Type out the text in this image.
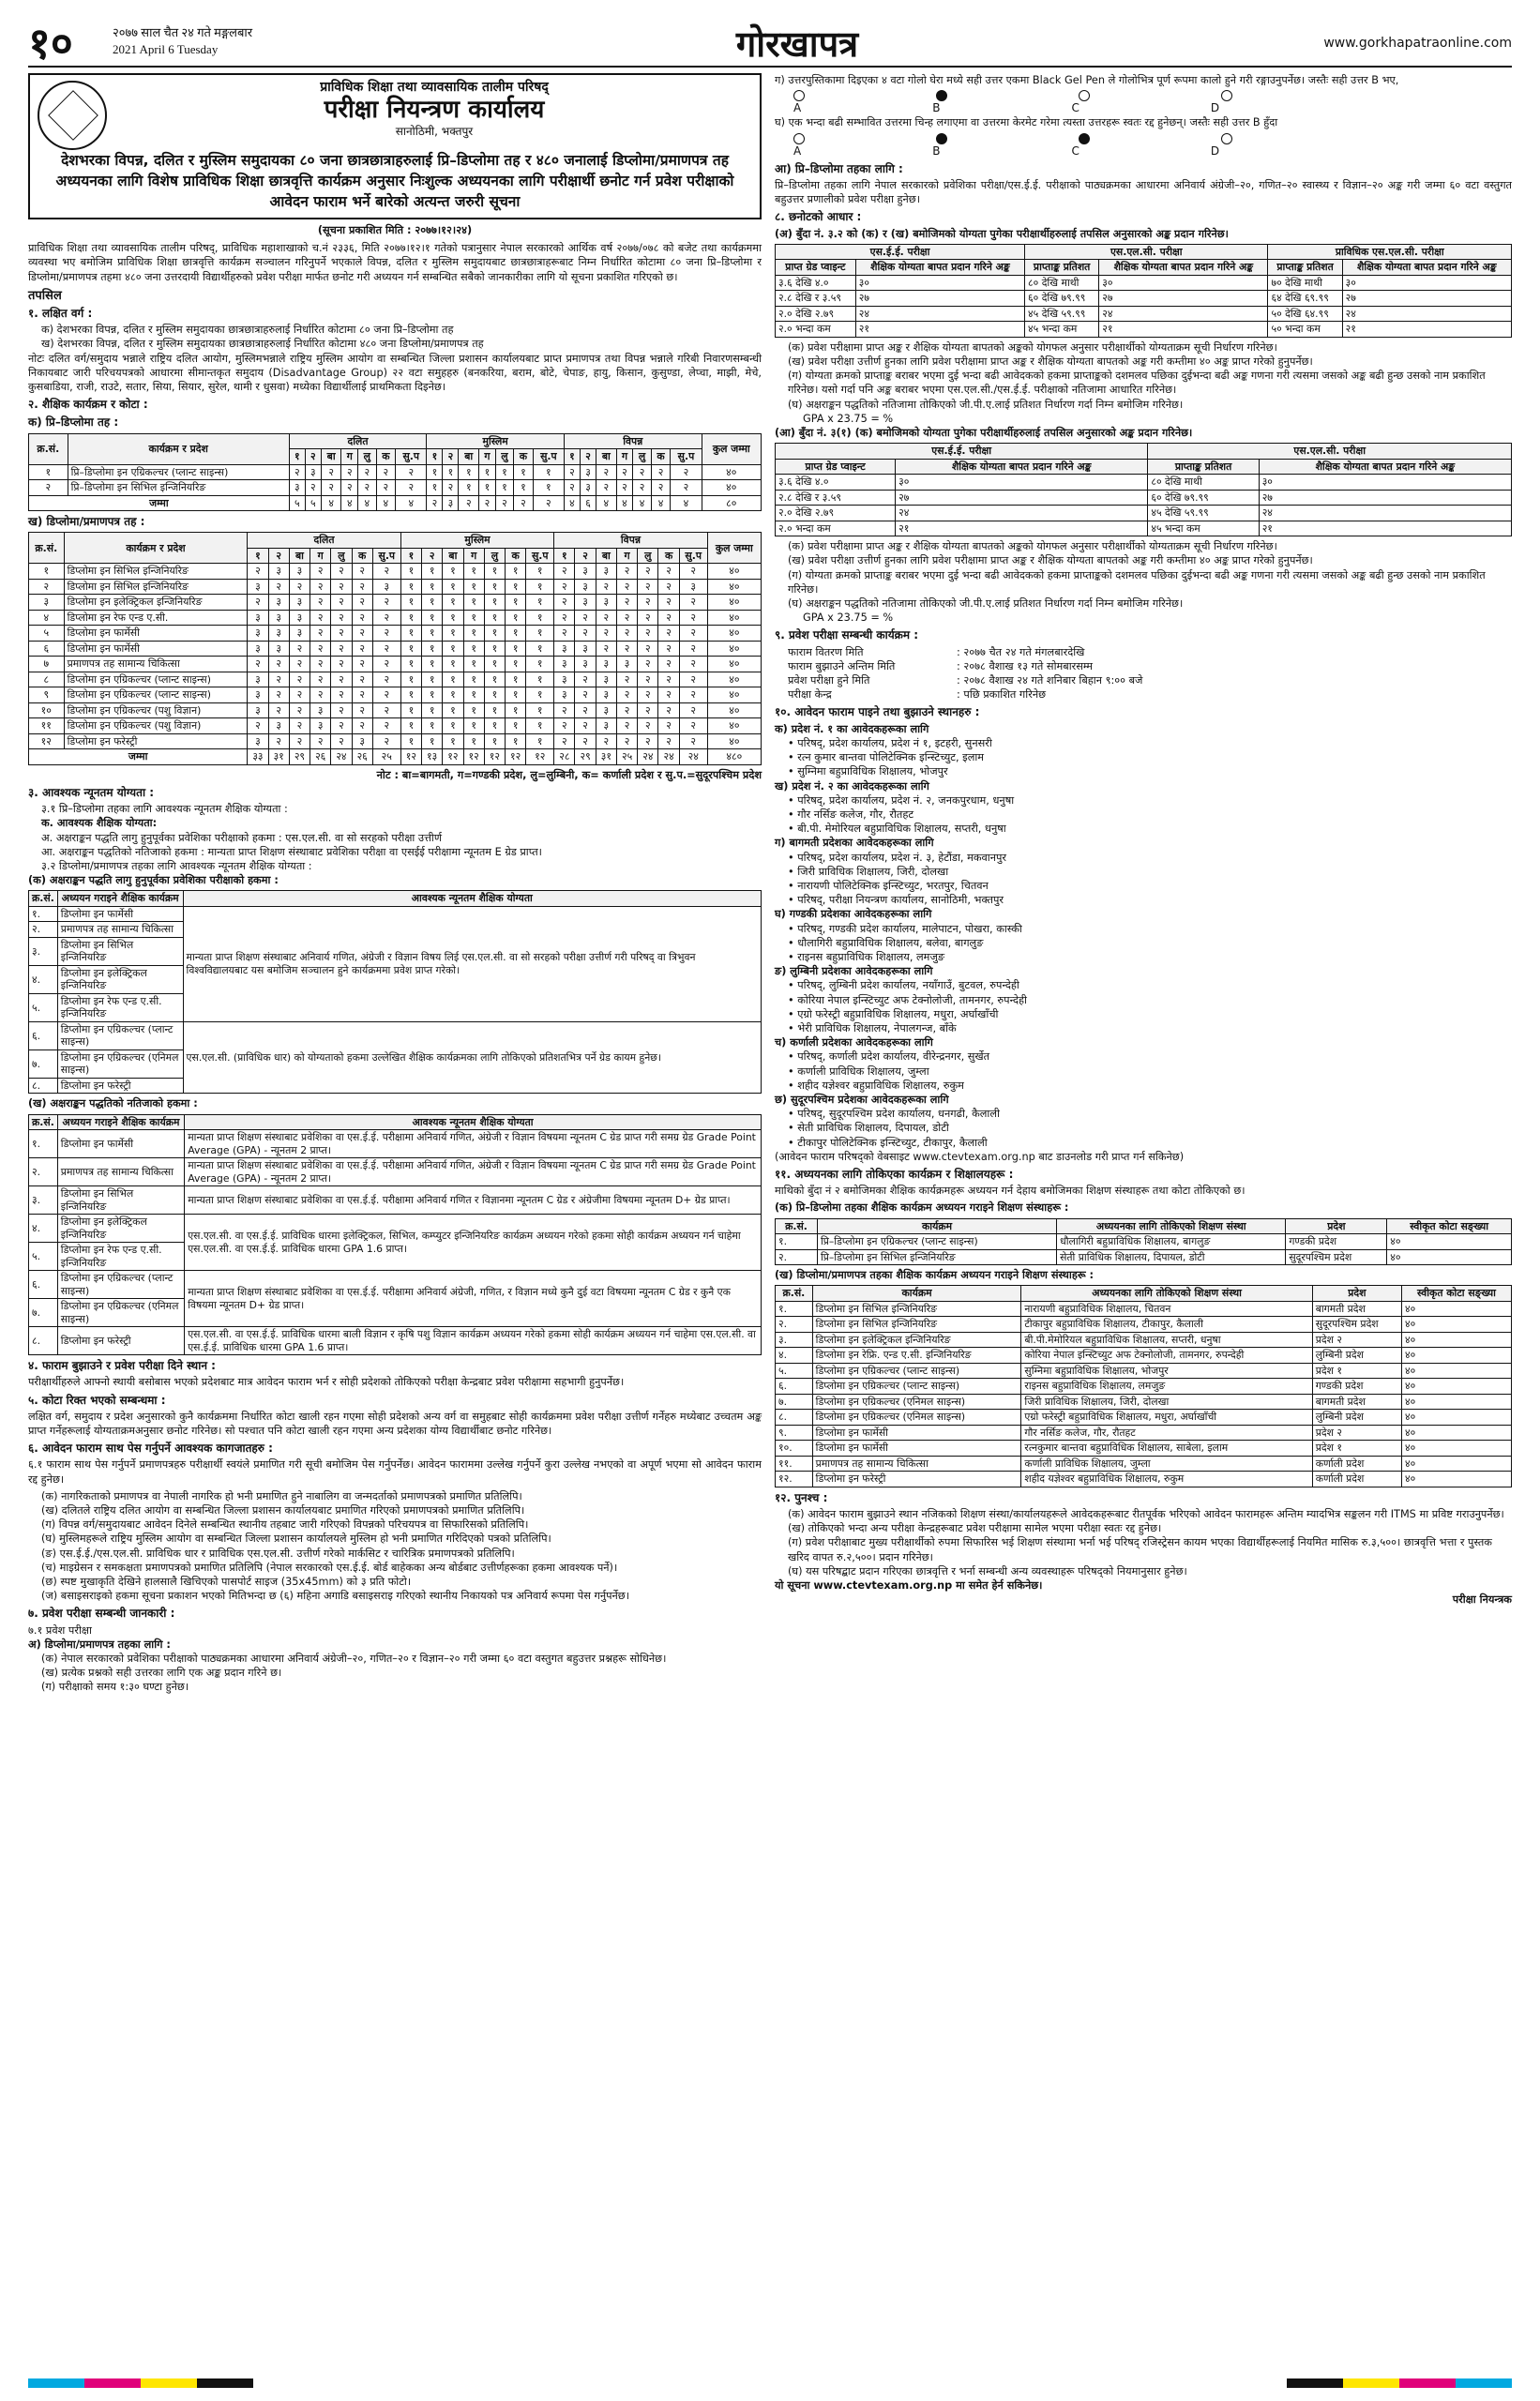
१०	२०७७ साल चैत २४ गते मङ्गलबार
2021 April 6 Tuesday	गोरखापत्र	www.gorkhapatraonline.com
प्राविधिक शिक्षा तथा व्यावसायिक तालीम परिषद्
परीक्षा नियन्त्रण कार्यालय
सानोठिमी, भक्तपुर
देशभरका विपन्न, दलित र मुस्लिम समुदायका ८० जना छात्रछात्राहरुलाई प्रि–डिप्लोमा तह र ४८० जनालाई डिप्लोमा/प्रमाणपत्र तह अध्ययनका लागि विशेष प्राविधिक शिक्षा छात्रवृत्ति कार्यक्रम अनुसार निःशुल्क अध्ययनका लागि परीक्षार्थी छनोट गर्न प्रवेश परीक्षाको आवेदन फाराम भर्ने बारेको अत्यन्त जरुरी सूचना
(सूचना प्रकाशित मिति : २०७७।१२।२४)

प्राविधिक शिक्षा तथा व्यावसायिक तालीम परिषद्, प्राविधिक महाशाखाको च.नं २३३६, मिति २०७७।१२।१ गतेको पत्रानुसार नेपाल सरकारको आर्थिक वर्ष २०७७/०७८ को बजेट तथा कार्यक्रममा व्यवस्था भए बमोजिम प्राविधिक शिक्षा छात्रवृत्ति कार्यक्रम सञ्चालन गरिनुपर्ने भएकाले विपन्न, दलित र मुस्लिम समुदायबाट छात्रछात्राहरूबाट निम्न निर्धारित कोटामा ८० जना प्रि–डिप्लोमा र डिप्लोमा/प्रमाणपत्र तहमा ४८० जना उत्तरदायी विद्यार्थीहरुको प्रवेश परीक्षा मार्फत छनोट गरी अध्ययन गर्न सम्बन्धित सबैको जानकारीका लागि यो सूचना प्रकाशित गरिएको छ।

तपसिल
१. लक्षित वर्ग :
क) देशभरका विपन्न, दलित र मुस्लिम समुदायका छात्रछात्राहरुलाई निर्धारित कोटामा ८० जना प्रि–डिप्लोमा तह
ख) देशभरका विपन्न, दलित र मुस्लिम समुदायका छात्रछात्राहरुलाई निर्धारित कोटामा ४८० जना डिप्लोमा/प्रमाणपत्र तह

नोटः दलित वर्ग/समुदाय भन्नाले राष्ट्रिय दलित आयोग, मुस्लिमभन्नाले राष्ट्रिय मुस्लिम आयोग वा सम्बन्धित जिल्ला प्रशासन कार्यालयबाट प्राप्त प्रमाणपत्र तथा विपन्न भन्नाले गरिबी निवारणसम्बन्धी निकायबाट जारी परिचयपत्रको आधारमा सीमान्तकृत समुदाय (Disadvantage Group) २२ वटा समुहहरु (बनकरिया, बराम, बोटे, चेपाङ, हायु, किसान, कुसुण्डा, लेप्चा, माझी, मेचे, कुसबाडिया, राजी, राउटे, सतार, सिया, सियार, सुरेल, थामी र धुसवा) मध्येका विद्यार्थीलाई प्राथमिकता दिइनेछ।

२. शैक्षिक कार्यक्रम र कोटा :
क) प्रि–डिप्लोमा तह :
क्र.सं.	कार्यक्रम र प्रदेश	दलित							मुस्लिम							विपन्न							कुल जम्मा
		१	२	बा	ग	लु	क	सु.प	१	२	बा	ग	लु	क	सु.प	१	२	बा	ग	लु	क	सु.प	
१	प्रि–डिप्लोमा इन एग्रिकल्चर (प्लान्ट साइन्स)	२	३	२	२	२	२	२	१	१	१	१	१	१	१	२	३	२	२	२	२	२	४०
२	प्रि–डिप्लोमा इन सिभिल इन्जिनियरिङ	३	२	२	२	२	२	२	१	२	१	१	१	१	१	२	३	२	२	२	२	२	४०
जम्मा		५	५	४	४	४	४	४	२	३	२	२	२	२	२	४	६	४	४	४	४	४	८०
ख) डिप्लोमा/प्रमाणपत्र तह :
क्र.सं.	कार्यक्रम र प्रदेश	दलित							मुस्लिम							विपन्न							कुल जम्मा
		१	२	बा	ग	लु	क	सु.प	१	२	बा	ग	लु	क	सु.प	१	२	बा	ग	लु	क	सु.प	
१	डिप्लोमा इन सिभिल इन्जिनियरिङ	२	३	३	२	२	२	२	१	१	१	१	१	१	१	२	३	३	२	२	२	२	४०
२	डिप्लोमा इन सिभिल इन्जिनियरिङ	३	२	२	२	२	२	३	१	१	१	१	१	१	१	२	३	२	२	२	२	३	४०
३	डिप्लोमा इन इलेक्ट्रिकल इन्जिनियरिङ	२	३	३	२	२	२	२	१	१	१	१	१	१	१	२	३	३	२	२	२	२	४०
४	डिप्लोमा इन रेफ एन्ड ए.सी.	३	३	३	२	२	२	२	१	१	१	१	१	१	१	२	२	२	२	२	२	२	४०
५	डिप्लोमा इन फार्मेसी	३	३	३	२	२	२	२	१	१	१	१	१	१	१	२	२	२	२	२	२	२	४०
६	डिप्लोमा इन फार्मेसी	३	३	२	२	२	२	२	१	१	१	१	१	१	१	३	३	२	२	२	२	२	४०
७	प्रमाणपत्र तह सामान्य चिकित्सा	२	२	२	२	२	२	२	१	१	१	१	१	१	१	३	३	३	३	२	२	२	४०
८	डिप्लोमा इन एग्रिकल्चर (प्लान्ट साइन्स)	३	२	२	२	२	२	२	१	१	१	१	१	१	१	३	२	३	२	२	२	२	४०
९	डिप्लोमा इन एग्रिकल्चर (प्लान्ट साइन्स)	३	२	२	२	२	२	२	१	१	१	१	१	१	१	३	२	३	२	२	२	२	४०
१०	डिप्लोमा इन एग्रिकल्चर (पशु विज्ञान)	३	२	२	३	२	२	२	१	१	१	१	१	१	१	२	२	३	२	२	२	२	४०
११	डिप्लोमा इन एग्रिकल्चर (पशु विज्ञान)	२	३	२	३	२	२	२	१	१	१	१	१	१	१	२	२	३	२	२	२	२	४०
१२	डिप्लोमा इन फरेस्ट्री	३	२	२	२	२	३	२	१	१	१	१	१	१	१	२	२	२	२	२	२	२	४०
जम्मा		३३	३१	२९	२६	२४	२६	२५	१२	१३	१२	१२	१२	१२	१२	२८	२९	३१	२५	२४	२४	२४	४८०
नोट : बा=बागमती, ग=गण्डकी प्रदेश, लु=लुम्बिनी, क= कर्णाली प्रदेश र सु.प.=सुदूरपश्चिम प्रदेश
३. आवश्यक न्यूनतम योग्यता :
३.१ प्रि–डिप्लोमा तहका लागि आवश्यक न्यूनतम शैक्षिक योग्यता :
क. आवश्यक शैक्षिक योग्यता:
अ. अक्षराङ्कन पद्धति लागु हुनुपूर्वका प्रवेशिका परीक्षाको हकमा : एस.एल.सी. वा सो सरहको परीक्षा उत्तीर्ण
आ. अक्षराङ्कन पद्धतिको नतिजाको हकमा : मान्यता प्राप्त शिक्षण संस्थाबाट प्रवेशिका परीक्षा वा एसईई परीक्षामा न्यूनतम E ग्रेड प्राप्त।
३.२ डिप्लोमा/प्रमाणपत्र तहका लागि आवश्यक न्यूनतम शैक्षिक योग्यता :
(क) अक्षराङ्कन पद्धति लागु हुनुपूर्वका प्रवेशिका परीक्षाको हकमा :
क्र.सं.	अध्ययन गराइने शैक्षिक कार्यक्रम	आवश्यक न्यूनतम शैक्षिक योग्यता
१.	डिप्लोमा इन फार्मेसी	मान्यता प्राप्त शिक्षण संस्थाबाट अनिवार्य गणित, अंग्रेजी र विज्ञान विषय लिई एस.एल.सी. वा सो सरहको परीक्षा उत्तीर्ण गरी परिषद् वा त्रिभुवन विश्वविद्यालयबाट यस बमोजिम सञ्चालन हुने कार्यक्रममा प्रवेश प्राप्त गरेको।
२.	प्रमाणपत्र तह सामान्य चिकित्सा	
३.	डिप्लोमा इन सिभिल इन्जिनियरिङ	
४.	डिप्लोमा इन इलेक्ट्रिकल इन्जिनियरिङ	
५.	डिप्लोमा इन रेफ एन्ड ए.सी. इन्जिनियरिङ	
६.	डिप्लोमा इन एग्रिकल्चर (प्लान्ट साइन्स)	एस.एल.सी. (प्राविधिक धार) को योग्यताको हकमा उल्लेखित शैक्षिक कार्यक्रमका लागि तोकिएको प्रतिशतभित्र पर्ने ग्रेड कायम हुनेछ।
७.	डिप्लोमा इन एग्रिकल्चर (एनिमल साइन्स)	
८.	डिप्लोमा इन फरेस्ट्री	
(ख) अक्षराङ्कन पद्धतिको नतिजाको हकमा :
क्र.सं.	अध्ययन गराइने शैक्षिक कार्यक्रम	आवश्यक न्यूनतम शैक्षिक योग्यता
१.	डिप्लोमा इन फार्मेसी	मान्यता प्राप्त शिक्षण संस्थाबाट प्रवेशिका वा एस.ई.ई. परीक्षामा अनिवार्य गणित, अंग्रेजी र विज्ञान विषयमा न्यूनतम C ग्रेड प्राप्त गरी समग्र ग्रेड Grade Point Average (GPA) - न्यूनतम 2 प्राप्त।
२.	प्रमाणपत्र तह सामान्य चिकित्सा	मान्यता प्राप्त शिक्षण संस्थाबाट प्रवेशिका वा एस.ई.ई. परीक्षामा अनिवार्य गणित, अंग्रेजी र विज्ञान विषयमा न्यूनतम C ग्रेड प्राप्त गरी समग्र ग्रेड Grade Point Average (GPA) - न्यूनतम 2 प्राप्त।
३.	डिप्लोमा इन सिभिल इन्जिनियरिङ	मान्यता प्राप्त शिक्षण संस्थाबाट प्रवेशिका वा एस.ई.ई. परीक्षामा अनिवार्य गणित र विज्ञानमा न्यूनतम C ग्रेड र अंग्रेजीमा विषयमा न्यूनतम D+ ग्रेड प्राप्त।
४.	डिप्लोमा इन इलेक्ट्रिकल इन्जिनियरिङ	एस.एल.सी. वा एस.ई.ई. प्राविधिक धारमा इलेक्ट्रिकल, सिभिल, कम्प्युटर इन्जिनियरिङ कार्यक्रम अध्ययन गरेको हकमा सोही कार्यक्रम अध्ययन गर्न चाहेमा एस.एल.सी. वा एस.ई.ई. प्राविधिक धारमा GPA 1.6 प्राप्त।
५.	डिप्लोमा इन रेफ एन्ड ए.सी. इन्जिनियरिङ	
६.	डिप्लोमा इन एग्रिकल्चर (प्लान्ट साइन्स)	मान्यता प्राप्त शिक्षण संस्थाबाट प्रवेशिका वा एस.ई.ई. परीक्षामा अनिवार्य अंग्रेजी, गणित, र विज्ञान मध्ये कुनै दुई वटा विषयमा न्यूनतम C ग्रेड र कुनै एक विषयमा न्यूनतम D+ ग्रेड प्राप्त।
७.	डिप्लोमा इन एग्रिकल्चर (एनिमल साइन्स)	
८.	डिप्लोमा इन फरेस्ट्री	एस.एल.सी. वा एस.ई.ई. प्राविधिक धारमा बाली विज्ञान र कृषि पशु विज्ञान कार्यक्रम अध्ययन गरेको हकमा सोही कार्यक्रम अध्ययन गर्न चाहेमा एस.एल.सी. वा एस.ई.ई. प्राविधिक धारमा GPA 1.6 प्राप्त।
४. फाराम बुझाउने र प्रवेश परीक्षा दिने स्थान :

परीक्षार्थीहरुले आफ्नो स्थायी बसोबास भएको प्रदेशबाट मात्र आवेदन फाराम भर्न र सोही प्रदेशको तोकिएको परीक्षा केन्द्रबाट प्रवेश परीक्षामा सहभागी हुनुपर्नेछ।

५. कोटा रिक्त भएको सम्बन्धमा :

लक्षित वर्ग, समुदाय र प्रदेश अनुसारको कुनै कार्यक्रममा निर्धारित कोटा खाली रहन गएमा सोही प्रदेशको अन्य वर्ग वा समुहबाट सोही कार्यक्रममा प्रवेश परीक्षा उत्तीर्ण गर्नेहरु मध्येबाट उच्चतम अङ्क प्राप्त गर्नेहरूलाई योग्यताक्रमअनुसार छनोट गरिनेछ। सो पश्चात पनि कोटा खाली रहन गएमा अन्य प्रदेशका योग्य विद्यार्थीबाट छनोट गरिनेछ।

६. आवेदन फाराम साथ पेस गर्नुपर्ने आवश्यक कागजातहरु :

६.१ फाराम साथ पेस गर्नुपर्ने प्रमाणपत्रहरु परीक्षार्थी स्वयंले प्रमाणित गरी सूची बमोजिम पेस गर्नुपर्नेछ। आवेदन फाराममा उल्लेख गर्नुपर्ने कुरा उल्लेख नभएको वा अपूर्ण भएमा सो आवेदन फाराम रद्द हुनेछ।

(क) नागरिकताको प्रमाणपत्र वा नेपाली नागरिक हो भनी प्रमाणित हुने नाबालिग वा जन्मदर्ताको प्रमाणपत्रको प्रमाणित प्रतिलिपि।
(ख) दलितले राष्ट्रिय दलित आयोग वा सम्बन्धित जिल्ला प्रशासन कार्यालयबाट प्रमाणित गरिएको प्रमाणपत्रको प्रमाणित प्रतिलिपि।
(ग) विपन्न वर्ग/समुदायबाट आवेदन दिनेले सम्बन्धित स्थानीय तहबाट जारी गरिएको विपन्नको परिचयपत्र वा सिफारिसको प्रतिलिपि।
(घ) मुस्लिमहरूले राष्ट्रिय मुस्लिम आयोग वा सम्बन्धित जिल्ला प्रशासन कार्यालयले मुस्लिम हो भनी प्रमाणित गरिदिएको पत्रको प्रतिलिपि।
(ङ) एस.ई.ई./एस.एल.सी. प्राविधिक धार र प्राविधिक एस.एल.सी. उत्तीर्ण गरेको मार्कसिट र चारित्रिक प्रमाणपत्रको प्रतिलिपि।
(च) माइग्रेसन र समकक्षता प्रमाणपत्रको प्रमाणित प्रतिलिपि (नेपाल सरकारको एस.ई.ई. बोर्ड बाहेकका अन्य बोर्डबाट उत्तीर्णहरूका हकमा आवश्यक पर्ने)।
(छ) स्पष्ट मुखाकृति देखिने हालसालै खिचिएको पासपोर्ट साइज (35x45mm) को ३ प्रति फोटो।
(ज) बसाइसराइको हकमा सूचना प्रकाशन भएको मितिभन्दा छ (६) महिना अगाडि बसाइसराइ गरिएको स्थानीय निकायको पत्र अनिवार्य रूपमा पेस गर्नुपर्नेछ।
७. प्रवेश परीक्षा सम्बन्धी जानकारी :
७.१ प्रवेश परीक्षा
अ) डिप्लोमा/प्रमाणपत्र तहका लागि :
(क) नेपाल सरकारको प्रवेशिका परीक्षाको पाठ्यक्रमका आधारमा अनिवार्य अंग्रेजी–२०, गणित–२० र विज्ञान–२० गरी जम्मा ६० वटा वस्तुगत बहुउत्तर प्रश्नहरू सोधिनेछ।
(ख) प्रत्येक प्रश्नको सही उत्तरका लागि एक अङ्क प्रदान गरिने छ।
(ग) परीक्षाको समय १:३० घण्टा हुनेछ।

ग) उत्तरपुस्तिकामा दिइएका ४ वटा गोलो घेरा मध्ये सही उत्तर एकमा Black Gel Pen ले गोलोभित्र पूर्ण रूपमा कालो हुने गरी रङ्गाउनुपर्नेछ। जस्तैः सही उत्तर B भए,

A	B	C	D

घ) एक भन्दा बढी सम्भावित उत्तरमा चिन्ह लगाएमा वा उत्तरमा केरमेट गरेमा त्यस्ता उत्तरहरू स्वतः रद्द हुनेछन्। जस्तैः सही उत्तर B हुँदा

A	B	C	D
आ) प्रि–डिप्लोमा तहका लागि :

प्रि–डिप्लोमा तहका लागि नेपाल सरकारको प्रवेशिका परीक्षा/एस.ई.ई. परीक्षाको पाठ्यक्रमका आधारमा अनिवार्य अंग्रेजी–२०, गणित–२० स्वास्थ्य र विज्ञान–२० अङ्क गरी जम्मा ६० वटा वस्तुगत बहुउत्तर प्रणालीको प्रवेश परीक्षा हुनेछ।

८. छनोटको आधार :
(अ) बुँदा नं. ३.२ को (क) र (ख) बमोजिमको योग्यता पुगेका परीक्षार्थीहरुलाई तपसिल अनुसारको अङ्क प्रदान गरिनेछ।
एस.ई.ई. परीक्षा		एस.एल.सी. परीक्षा		प्राविधिक एस.एल.सी. परीक्षा	
प्राप्त ग्रेड प्वाइन्ट	शैक्षिक योग्यता बापत प्रदान गरिने अङ्क	प्राप्ताङ्क प्रतिशत	शैक्षिक योग्यता बापत प्रदान गरिने अङ्क	प्राप्ताङ्क प्रतिशत	शैक्षिक योग्यता बापत प्रदान गरिने अङ्क
३.६ देखि ४.०	३०	८० देखि माथी	३०	७० देखि माथी	३०
२.८ देखि र ३.५९	२७	६० देखि ७९.९९	२७	६४ देखि ६९.९९	२७
२.० देखि २.७९	२४	४५ देखि ५९.९९	२४	५० देखि ६४.९९	२४
२.० भन्दा कम	२१	४५ भन्दा कम	२१	५० भन्दा कम	२१
(क) प्रवेश परीक्षामा प्राप्त अङ्क र शैक्षिक योग्यता बापतको अङ्कको योगफल अनुसार परीक्षार्थीको योग्यताक्रम सूची निर्धारण गरिनेछ।
(ख) प्रवेश परीक्षा उत्तीर्ण हुनका लागि प्रवेश परीक्षामा प्राप्त अङ्क र शैक्षिक योग्यता बापतको अङ्क गरी कम्तीमा ४० अङ्क प्राप्त गरेको हुनुपर्नेछ।
(ग) योग्यता क्रमको प्राप्ताङ्क बराबर भएमा दुई भन्दा बढी आवेदकको हकमा प्राप्ताङ्कको दशमलव पछिका दुईभन्दा बढी अङ्क गणना गरी त्यसमा जसको अङ्क बढी हुन्छ उसको नाम प्रकाशित गरिनेछ। यसो गर्दा पनि अङ्क बराबर भएमा एस.एल.सी./एस.ई.ई. परीक्षाको नतिजामा आधारित गरिनेछ।
(घ) अक्षराङ्कन पद्धतिको नतिजामा तोकिएको जी.पी.ए.लाई प्रतिशत निर्धारण गर्दा निम्न बमोजिम गरिनेछ।
GPA x 23.75 = %
(आ) बुँदा नं. ३(१) (क) बमोजिमको योग्यता पुगेका परीक्षार्थीहरुलाई तपसिल अनुसारको अङ्क प्रदान गरिनेछ।
एस.ई.ई. परीक्षा		एस.एल.सी. परीक्षा	
प्राप्त ग्रेड प्वाइन्ट	शैक्षिक योग्यता बापत प्रदान गरिने अङ्क	प्राप्ताङ्क प्रतिशत	शैक्षिक योग्यता बापत प्रदान गरिने अङ्क
३.६ देखि ४.०	३०	८० देखि माथी	३०
२.८ देखि र ३.५९	२७	६० देखि ७९.९९	२७
२.० देखि २.७९	२४	४५ देखि ५९.९९	२४
२.० भन्दा कम	२१	४५ भन्दा कम	२१
(क) प्रवेश परीक्षामा प्राप्त अङ्क र शैक्षिक योग्यता बापतको अङ्कको योगफल अनुसार परीक्षार्थीको योग्यताक्रम सूची निर्धारण गरिनेछ।
(ख) प्रवेश परीक्षा उत्तीर्ण हुनका लागि प्रवेश परीक्षामा प्राप्त अङ्क र शैक्षिक योग्यता बापतको अङ्क गरी कम्तीमा ४० अङ्क प्राप्त गरेको हुनुपर्नेछ।
(ग) योग्यता क्रमको प्राप्ताङ्क बराबर भएमा दुई भन्दा बढी आवेदकको हकमा प्राप्ताङ्कको दशमलव पछिका दुईभन्दा बढी अङ्क गणना गरी त्यसमा जसको अङ्क बढी हुन्छ उसको नाम प्रकाशित गरिनेछ।
(घ) अक्षराङ्कन पद्धतिको नतिजामा तोकिएको जी.पी.ए.लाई प्रतिशत निर्धारण गर्दा निम्न बमोजिम गरिनेछ।
GPA x 23.75 = %
९. प्रवेश परीक्षा सम्बन्धी कार्यक्रम :
फाराम वितरण मिति	: २०७७ चैत २४ गते मंगलबारदेखि
फाराम बुझाउने अन्तिम मिति	: २०७८ वैशाख १३ गते सोमबारसम्म
प्रवेश परीक्षा हुने मिति	: २०७८ वैशाख २४ गते शनिबार बिहान ९:०० बजे
परीक्षा केन्द्र	: पछि प्रकाशित गरिनेछ
१०. आवेदन फाराम पाइने तथा बुझाउने स्थानहरु :
क) प्रदेश नं. १ का आवेदकहरूका लागि
• परिषद्, प्रदेश कार्यालय, प्रदेश नं १, इटहरी, सुनसरी
• रत्न कुमार बान्तवा पोलिटेक्निक इन्स्टिच्युट, इलाम
• सुम्निमा बहुप्राविधिक शिक्षालय, भोजपुर
ख) प्रदेश नं. २ का आवेदकहरूका लागि
• परिषद्, प्रदेश कार्यालय, प्रदेश नं. २, जनकपुरधाम, धनुषा
• गौर नर्सिङ कलेज, गौर, रौतहट
• बी.पी. मेमोरियल बहुप्राविधिक शिक्षालय, सप्तरी, धनुषा
ग) बागमती प्रदेशका आवेदकहरूका लागि
• परिषद्, प्रदेश कार्यालय, प्रदेश नं. ३, हेटौंडा, मकवानपुर
• जिरी प्राविधिक शिक्षालय, जिरी, दोलखा
• नारायणी पोलिटेक्निक इन्स्टिच्युट, भरतपुर, चितवन
• परिषद्, परीक्षा नियन्त्रण कार्यालय, सानोठिमी, भक्तपुर
घ) गण्डकी प्रदेशका आवेदकहरूका लागि
• परिषद्, गण्डकी प्रदेश कार्यालय, मालेपाटन, पोखरा, कास्की
• धौलागिरी बहुप्राविधिक शिक्षालय, बलेवा, बागलुङ
• राइनस बहुप्राविधिक शिक्षालय, लमजुङ
ङ) लुम्बिनी प्रदेशका आवेदकहरूका लागि
• परिषद्, लुम्बिनी प्रदेश कार्यालय, नयाँगाउँ, बुटवल, रुपन्देही
• कोरिया नेपाल इन्स्टिच्युट अफ टेक्नोलोजी, तामनगर, रुपन्देही
• एग्रो फरेस्ट्री बहुप्राविधिक शिक्षालय, मधुरा, अर्घाखाँची
• भेरी प्राविधिक शिक्षालय, नेपालगन्ज, बाँके
च) कर्णाली प्रदेशका आवेदकहरूका लागि
• परिषद्, कर्णाली प्रदेश कार्यालय, वीरेन्द्रनगर, सुर्खेत
• कर्णाली प्राविधिक शिक्षालय, जुम्ला
• शहीद यज्ञेश्वर बहुप्राविधिक शिक्षालय, रुकुम
छ) सुदूरपश्चिम प्रदेशका आवेदकहरूका लागि
• परिषद्, सुदूरपश्चिम प्रदेश कार्यालय, धनगढी, कैलाली
• सेती प्राविधिक शिक्षालय, दिपायल, डोटी
• टीकापुर पोलिटेक्निक इन्स्टिच्युट, टीकापुर, कैलाली
(आवेदन फाराम परिषद्को वेबसाइट www.ctevtexam.org.np बाट डाउनलोड गरी प्राप्त गर्न सकिनेछ)
११. अध्ययनका लागि तोकिएका कार्यक्रम र शिक्षालयहरू :

माथिको बुँदा नं २ बमोजिमका शैक्षिक कार्यक्रमहरू अध्ययन गर्न देहाय बमोजिमका शिक्षण संस्थाहरू तथा कोटा तोकिएको छ।

(क) प्रि–डिप्लोमा तहका शैक्षिक कार्यक्रम अध्ययन गराइने शिक्षण संस्थाहरू :
क्र.सं.	कार्यक्रम	अध्ययनका लागि तोकिएको शिक्षण संस्था	प्रदेश	स्वीकृत कोटा सङ्ख्या
१.	प्रि–डिप्लोमा इन एग्रिकल्चर (प्लान्ट साइन्स)	धौलागिरी बहुप्राविधिक शिक्षालय, बागलुङ	गण्डकी प्रदेश	४०
२.	प्रि–डिप्लोमा इन सिभिल इन्जिनियरिङ	सेती प्राविधिक शिक्षालय, दिपायल, डोटी	सुदूरपश्चिम प्रदेश	४०
(ख) डिप्लोमा/प्रमाणपत्र तहका शैक्षिक कार्यक्रम अध्ययन गराइने शिक्षण संस्थाहरू :
क्र.सं.	कार्यक्रम	अध्ययनका लागि तोकिएको शिक्षण संस्था	प्रदेश	स्वीकृत कोटा सङ्ख्या
१.	डिप्लोमा इन सिभिल इन्जिनियरिङ	नारायणी बहुप्राविधिक शिक्षालय, चितवन	बागमती प्रदेश	४०
२.	डिप्लोमा इन सिभिल इन्जिनियरिङ	टीकापुर बहुप्राविधिक शिक्षालय, टीकापुर, कैलाली	सुदूरपश्चिम प्रदेश	४०
३.	डिप्लोमा इन इलेक्ट्रिकल इन्जिनियरिङ	बी.पी.मेमोरियल बहुप्राविधिक शिक्षालय, सप्तरी, धनुषा	प्रदेश २	४०
४.	डिप्लोमा इन रेफ्रि. एन्ड ए.सी. इन्जिनियरिङ	कोरिया नेपाल इन्स्टिच्युट अफ टेक्नोलोजी, तामनगर, रुपन्देही	लुम्बिनी प्रदेश	४०
५.	डिप्लोमा इन एग्रिकल्चर (प्लान्ट साइन्स)	सुम्निमा बहुप्राविधिक शिक्षालय, भोजपुर	प्रदेश १	४०
६.	डिप्लोमा इन एग्रिकल्चर (प्लान्ट साइन्स)	राइनस बहुप्राविधिक शिक्षालय, लमजुङ	गण्डकी प्रदेश	४०
७.	डिप्लोमा इन एग्रिकल्चर (एनिमल साइन्स)	जिरी प्राविधिक शिक्षालय, जिरी, दोलखा	बागमती प्रदेश	४०
८.	डिप्लोमा इन एग्रिकल्चर (एनिमल साइन्स)	एग्रो फरेस्ट्री बहुप्राविधिक शिक्षालय, मधुरा, अर्घाखाँची	लुम्बिनी प्रदेश	४०
९.	डिप्लोमा इन फार्मेसी	गौर नर्सिङ कलेज, गौर, रौतहट	प्रदेश २	४०
१०.	डिप्लोमा इन फार्मेसी	रत्नकुमार बान्तवा बहुप्राविधिक शिक्षालय, साबेला, इलाम	प्रदेश १	४०
११.	प्रमाणपत्र तह सामान्य चिकित्सा	कर्णाली प्राविधिक शिक्षालय, जुम्ला	कर्णाली प्रदेश	४०
१२.	डिप्लोमा इन फरेस्ट्री	शहीद यज्ञेश्वर बहुप्राविधिक शिक्षालय, रुकुम	कर्णाली प्रदेश	४०
१२. पुनश्च :
(क) आवेदन फाराम बुझाउने स्थान नजिकको शिक्षण संस्था/कार्यालयहरूले आवेदकहरूबाट रीतपूर्वक भरिएको आवेदन फारामहरू अन्तिम म्यादभित्र सङ्कलन गरी ITMS मा प्रविष्ट गराउनुपर्नेछ।
(ख) तोकिएको भन्दा अन्य परीक्षा केन्द्रहरूबाट प्रवेश परीक्षामा सामेल भएमा परीक्षा स्वतः रद्द हुनेछ।
(ग) प्रवेश परीक्षाबाट मुख्य परीक्षार्थीको रुपमा सिफारिस भई शिक्षण संस्थामा भर्ना भई परिषद् रजिस्ट्रेसन कायम भएका विद्यार्थीहरूलाई नियमित मासिक रु.३,५००। छात्रवृत्ति भत्ता र पुस्तक खरिद वापत रु.२,५००। प्रदान गरिनेछ।
(घ) यस परिषद्बाट प्रदान गरिएका छात्रवृत्ति र भर्ना सम्बन्धी अन्य व्यवस्थाहरू परिषद्को नियमानुसार हुनेछ।
यो सूचना www.ctevtexam.org.np मा समेत हेर्न सकिनेछ।
परीक्षा नियन्त्रक
